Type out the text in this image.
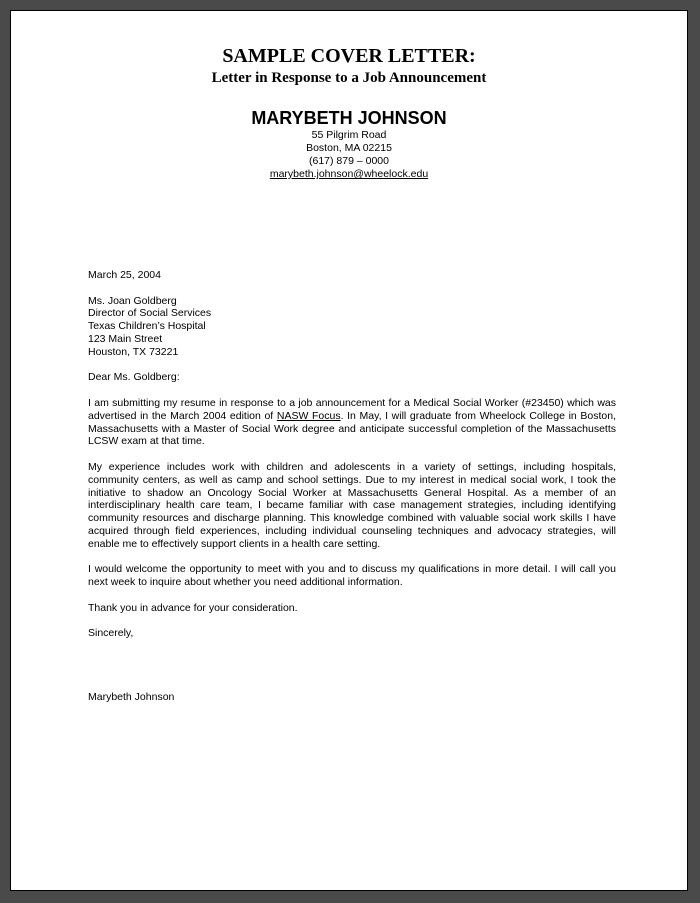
SAMPLE COVER LETTER:
Letter in Response to a Job Announcement
MARYBETH JOHNSON
55 Pilgrim Road
Boston, MA 02215
(617) 879 – 0000
marybeth.johnson@wheelock.edu

March 25, 2004

Ms. Joan Goldberg
Director of Social Services
Texas Children’s Hospital
123 Main Street
Houston, TX 73221

Dear Ms. Goldberg:

I am submitting my resume in response to a job announcement for a Medical Social Worker (#23450) which was advertised in the March 2004 edition of NASW Focus. In May, I will graduate from Wheelock College in Boston, Massachusetts with a Master of Social Work degree and anticipate successful completion of the Massachusetts LCSW exam at that time.

My experience includes work with children and adolescents in a variety of settings, including hospitals, community centers, as well as camp and school settings. Due to my interest in medical social work, I took the initiative to shadow an Oncology Social Worker at Massachusetts General Hospital. As a member of an interdisciplinary health care team, I became familiar with case management strategies, including identifying community resources and discharge planning. This knowledge combined with valuable social work skills I have acquired through field experiences, including individual counseling techniques and advocacy strategies, will enable me to effectively support clients in a health care setting.

I would welcome the opportunity to meet with you and to discuss my qualifications in more detail. I will call you next week to inquire about whether you need additional information.

Thank you in advance for your consideration.

Sincerely,

Marybeth Johnson
